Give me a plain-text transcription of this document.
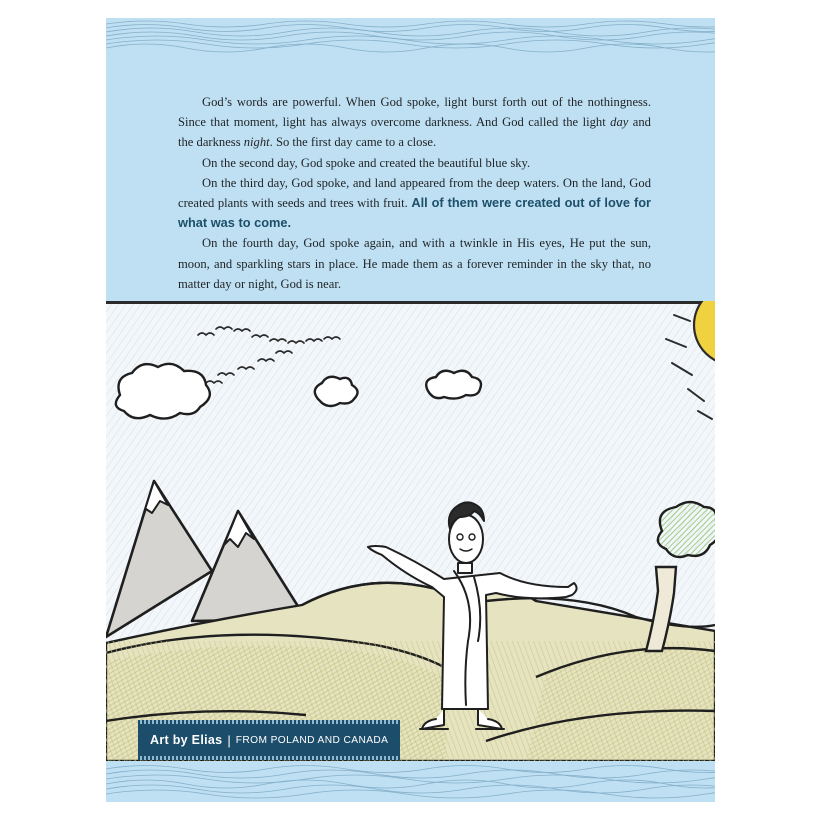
God’s words are powerful. When God spoke, light burst forth out of the nothingness. Since that moment, light has always overcome darkness. And God called the light day and the darkness night. So the first day came to a close.

On the second day, God spoke and created the beautiful blue sky.

On the third day, God spoke, and land appeared from the deep waters. On the land, God created plants with seeds and trees with fruit. All of them were created out of love for what was to come.

On the fourth day, God spoke again, and with a twinkle in His eyes, He put the sun, moon, and sparkling stars in place. He made them as a forever reminder in the sky that, no matter day or night, God is near.

Art by Elias | FROM POLAND AND CANADA
